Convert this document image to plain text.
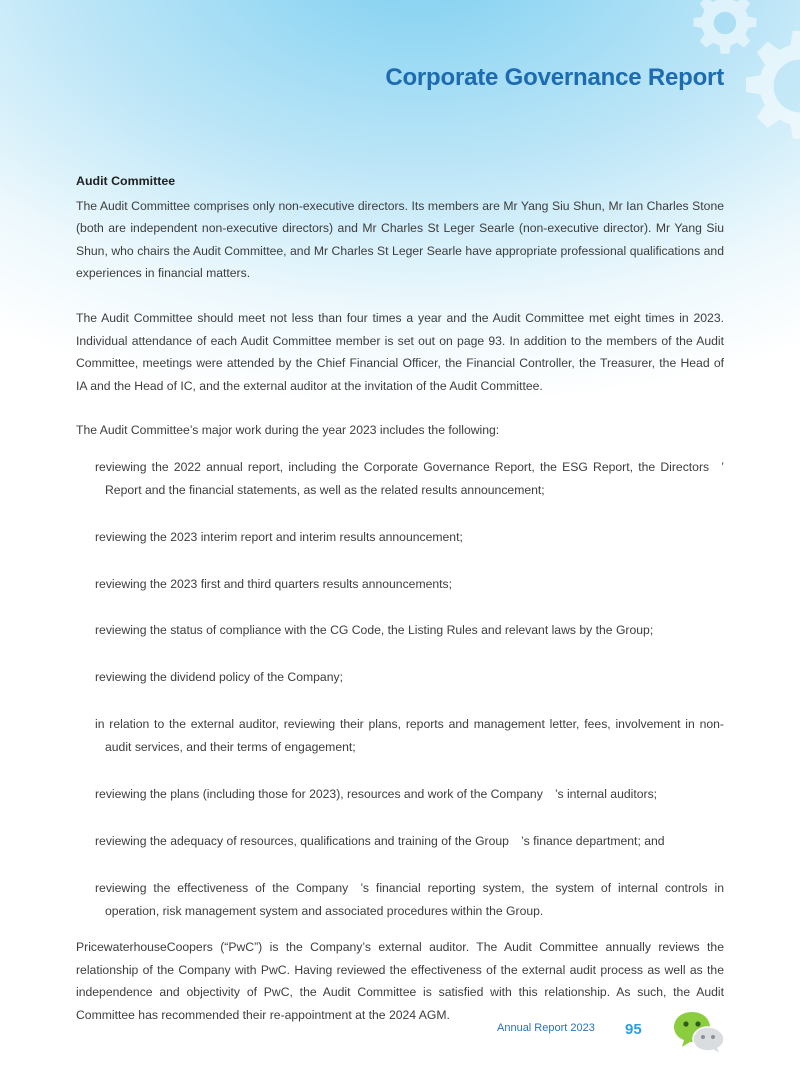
Corporate Governance Report
Audit Committee

The Audit Committee comprises only non-executive directors. Its members are Mr Yang Siu Shun, Mr Ian Charles Stone (both are independent non-executive directors) and Mr Charles St Leger Searle (non-executive director). Mr Yang Siu Shun, who chairs the Audit Committee, and Mr Charles St Leger Searle have appropriate professional qualifications and experiences in financial matters.

The Audit Committee should meet not less than four times a year and the Audit Committee met eight times in 2023. Individual attendance of each Audit Committee member is set out on page 93. In addition to the members of the Audit Committee, meetings were attended by the Chief Financial Officer, the Financial Controller, the Treasurer, the Head of IA and the Head of IC, and the external auditor at the invitation of the Audit Committee.

The Audit Committee’s major work during the year 2023 includes the following:

reviewing the 2022 annual report, including the Corporate Governance Report, the ESG Report, the Directors ’ Report and the financial statements, as well as the related results announcement;
reviewing the 2023 interim report and interim results announcement;
reviewing the 2023 first and third quarters results announcements;
reviewing the status of compliance with the CG Code, the Listing Rules and relevant laws by the Group;
reviewing the dividend policy of the Company;
in relation to the external auditor, reviewing their plans, reports and management letter, fees, involvement in non-audit services, and their terms of engagement;
reviewing the plans (including those for 2023), resources and work of the Company ’s internal auditors;
reviewing the adequacy of resources, qualifications and training of the Group ’s finance department; and
reviewing the effectiveness of the Company ’s financial reporting system, the system of internal controls in operation, risk management system and associated procedures within the Group.

PricewaterhouseCoopers (“PwC”) is the Company’s external auditor. The Audit Committee annually reviews the relationship of the Company with PwC. Having reviewed the effectiveness of the external audit process as well as the independence and objectivity of PwC, the Audit Committee is satisfied with this relationship. As such, the Audit Committee has recommended their re-appointment at the 2024 AGM.

Annual Report 2023 95
